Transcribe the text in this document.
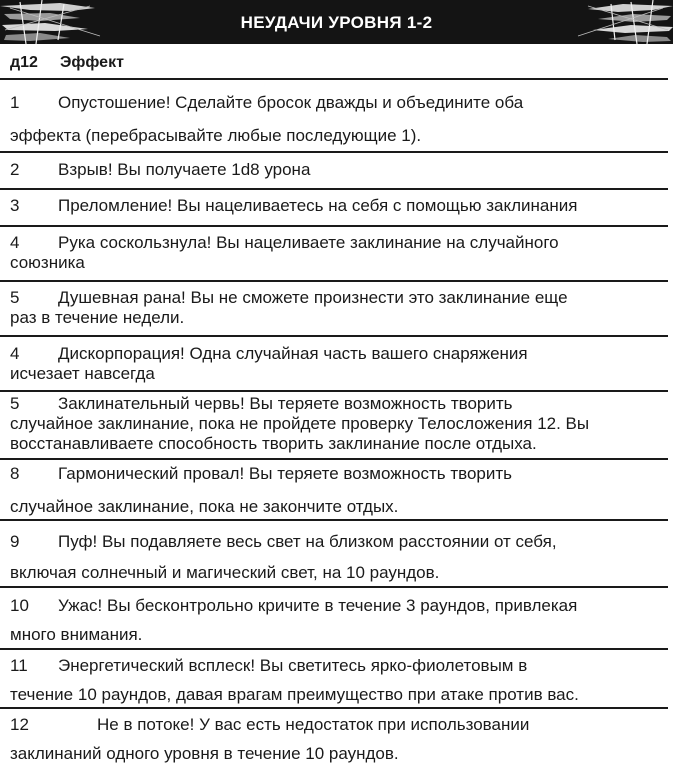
НЕУДАЧИ УРОВНЯ 1-2
д12 Эффект
1 Опустошение! Сделайте бросок дважды и объедините оба
эффекта (перебрасывайте любые последующие 1).
2 Взрыв! Вы получаете 1d8 урона
3 Преломление! Вы нацеливаетесь на себя с помощью заклинания
4 Рука соскользнула! Вы нацеливаете заклинание на случайного
союзника
5 Душевная рана! Вы не сможете произнести это заклинание еще
раз в течение недели.
4 Дискорпорация! Одна случайная часть вашего снаряжения
исчезает навсегда
5 Заклинательный червь! Вы теряете возможность творить
случайное заклинание, пока не пройдете проверку Телосложения 12. Вы
восстанавливаете способность творить заклинание после отдыха.
8 Гармонический провал! Вы теряете возможность творить
случайное заклинание, пока не закончите отдых.
9 Пуф! Вы подавляете весь свет на близком расстоянии от себя,
включая солнечный и магический свет, на 10 раундов.
10 Ужас! Вы бесконтрольно кричите в течение 3 раундов, привлекая
много внимания.
11 Энергетический всплеск! Вы светитесь ярко-фиолетовым в
течение 10 раундов, давая врагам преимущество при атаке против вас.
12	Не в потоке! У вас есть недостаток при использовании
заклинаний одного уровня в течение 10 раундов.
